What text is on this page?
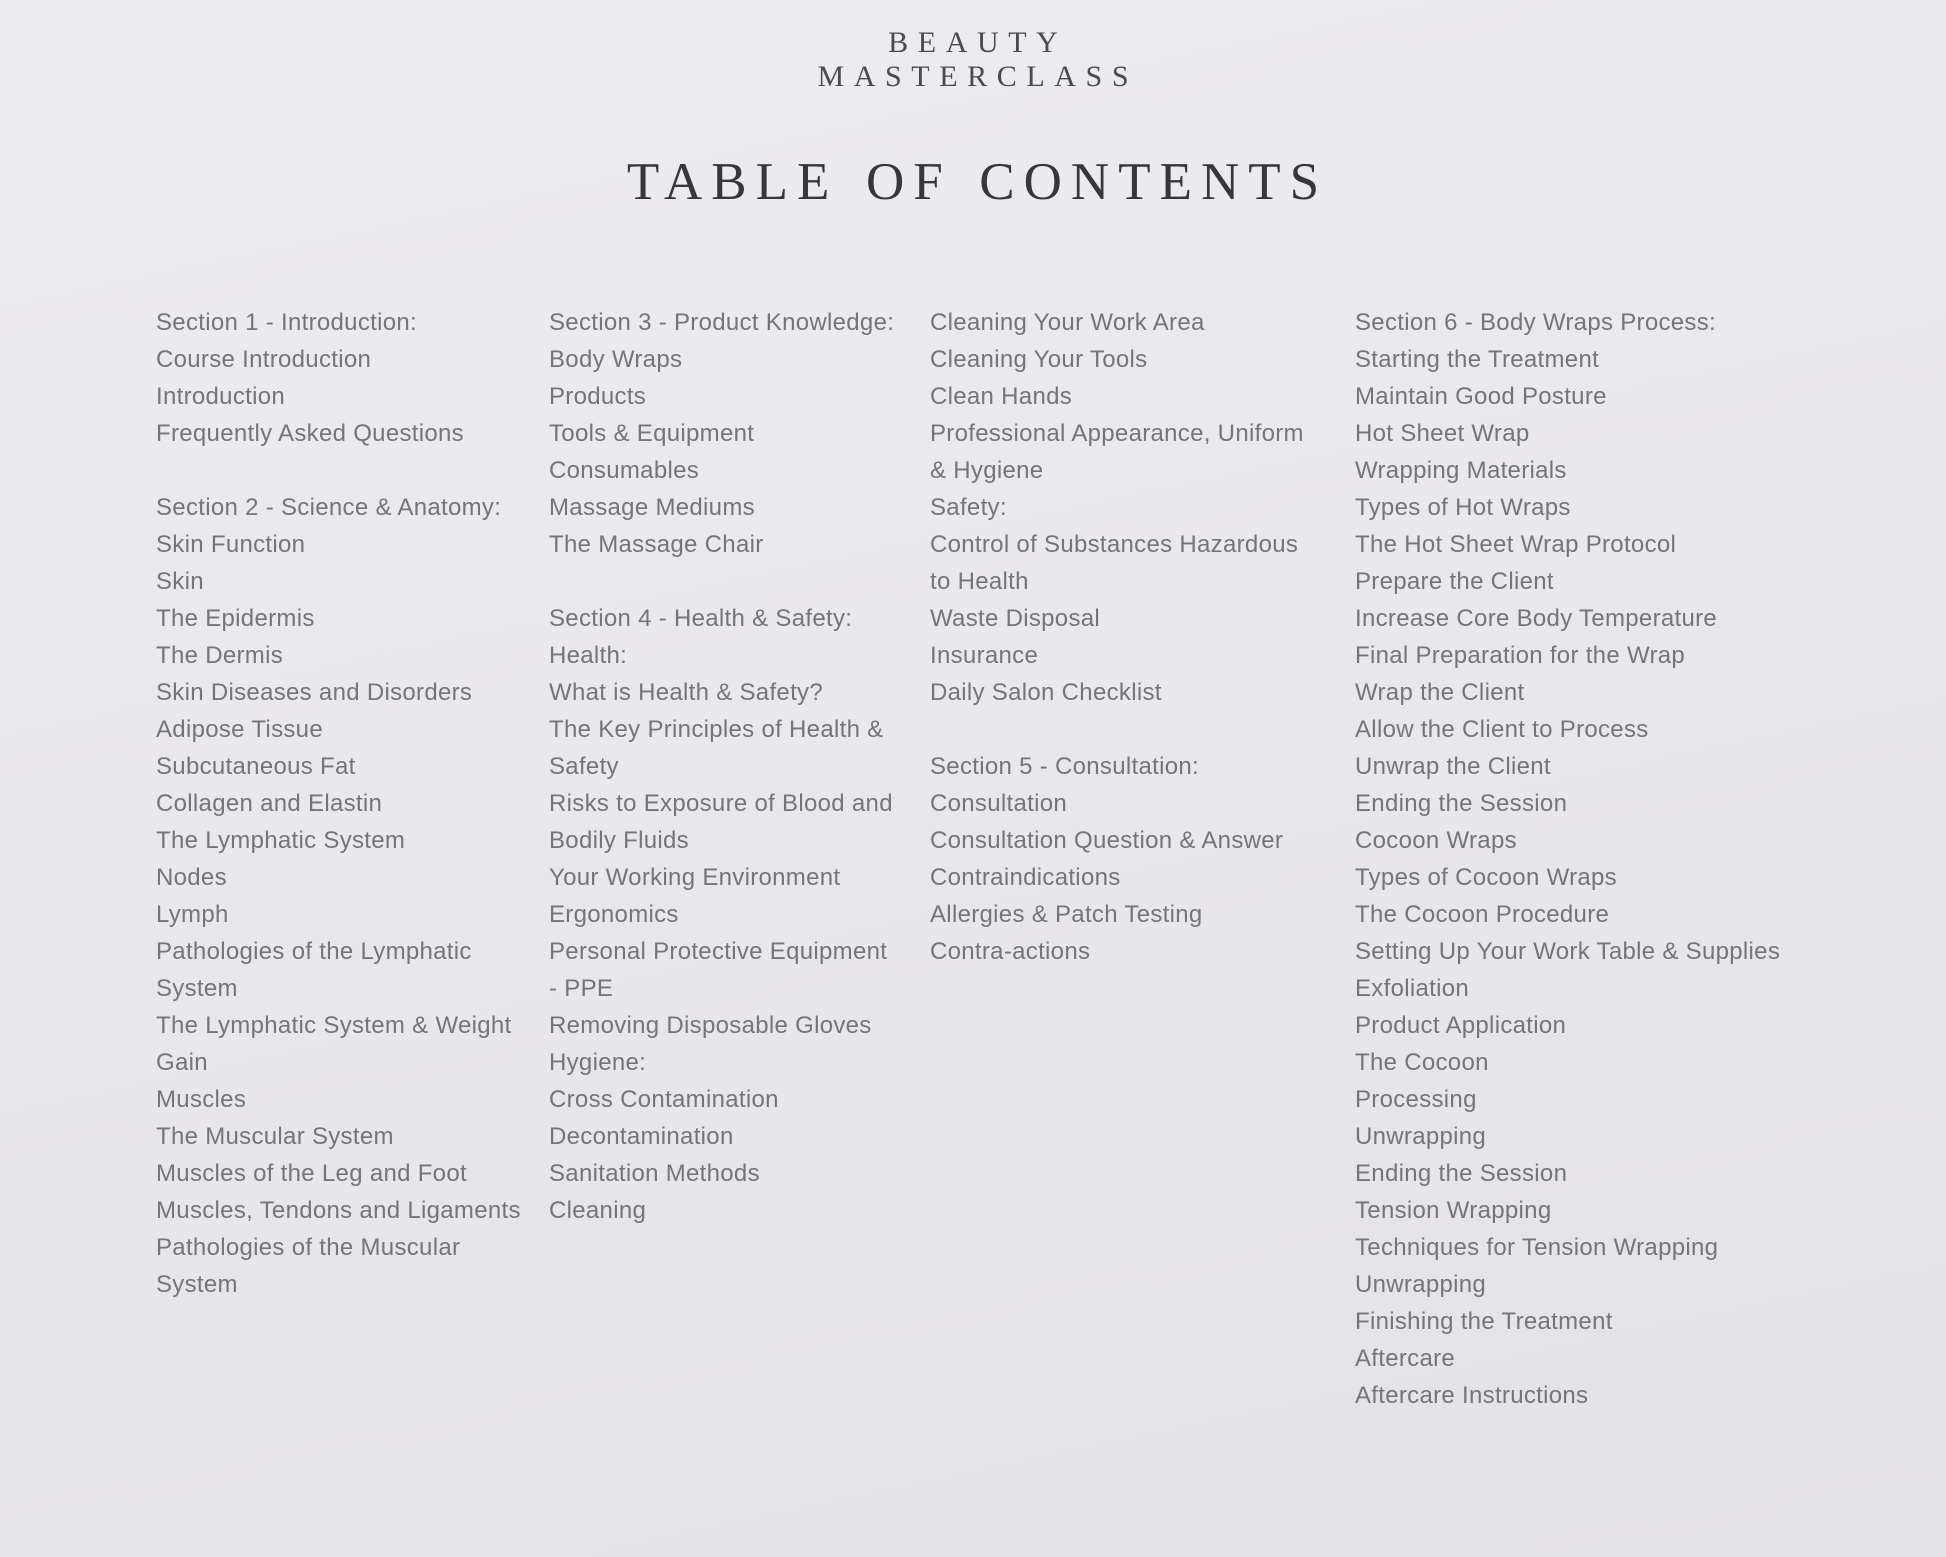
BEAUTY
MASTERCLASS
TABLE OF CONTENTS
Section 1 - Introduction:
Course Introduction
Introduction
Frequently Asked Questions
Section 2 - Science & Anatomy:
Skin Function
Skin
The Epidermis
The Dermis
Skin Diseases and Disorders
Adipose Tissue
Subcutaneous Fat
Collagen and Elastin
The Lymphatic System
Nodes
Lymph
Pathologies of the Lymphatic System
The Lymphatic System & Weight Gain
Muscles
The Muscular System
Muscles of the Leg and Foot
Muscles, Tendons and Ligaments
Pathologies of the Muscular System
Section 3 - Product Knowledge:
Body Wraps
Products
Tools & Equipment
Consumables
Massage Mediums
The Massage Chair
Section 4 - Health & Safety:
Health:
What is Health & Safety?
The Key Principles of Health & Safety
Risks to Exposure of Blood and Bodily Fluids
Your Working Environment
Ergonomics
Personal Protective Equipment - PPE
Removing Disposable Gloves
Hygiene:
Cross Contamination
Decontamination
Sanitation Methods
Cleaning
Cleaning Your Work Area
Cleaning Your Tools
Clean Hands
Professional Appearance, Uniform & Hygiene
Safety:
Control of Substances Hazardous to Health
Waste Disposal
Insurance
Daily Salon Checklist
Section 5 - Consultation:
Consultation
Consultation Question & Answer
Contraindications
Allergies & Patch Testing
Contra-actions
Section 6 - Body Wraps Process:
Starting the Treatment
Maintain Good Posture
Hot Sheet Wrap
Wrapping Materials
Types of Hot Wraps
The Hot Sheet Wrap Protocol
Prepare the Client
Increase Core Body Temperature
Final Preparation for the Wrap
Wrap the Client
Allow the Client to Process
Unwrap the Client
Ending the Session
Cocoon Wraps
Types of Cocoon Wraps
The Cocoon Procedure
Setting Up Your Work Table & Supplies
Exfoliation
Product Application
The Cocoon
Processing
Unwrapping
Ending the Session
Tension Wrapping
Techniques for Tension Wrapping
Unwrapping
Finishing the Treatment
Aftercare
Aftercare Instructions
